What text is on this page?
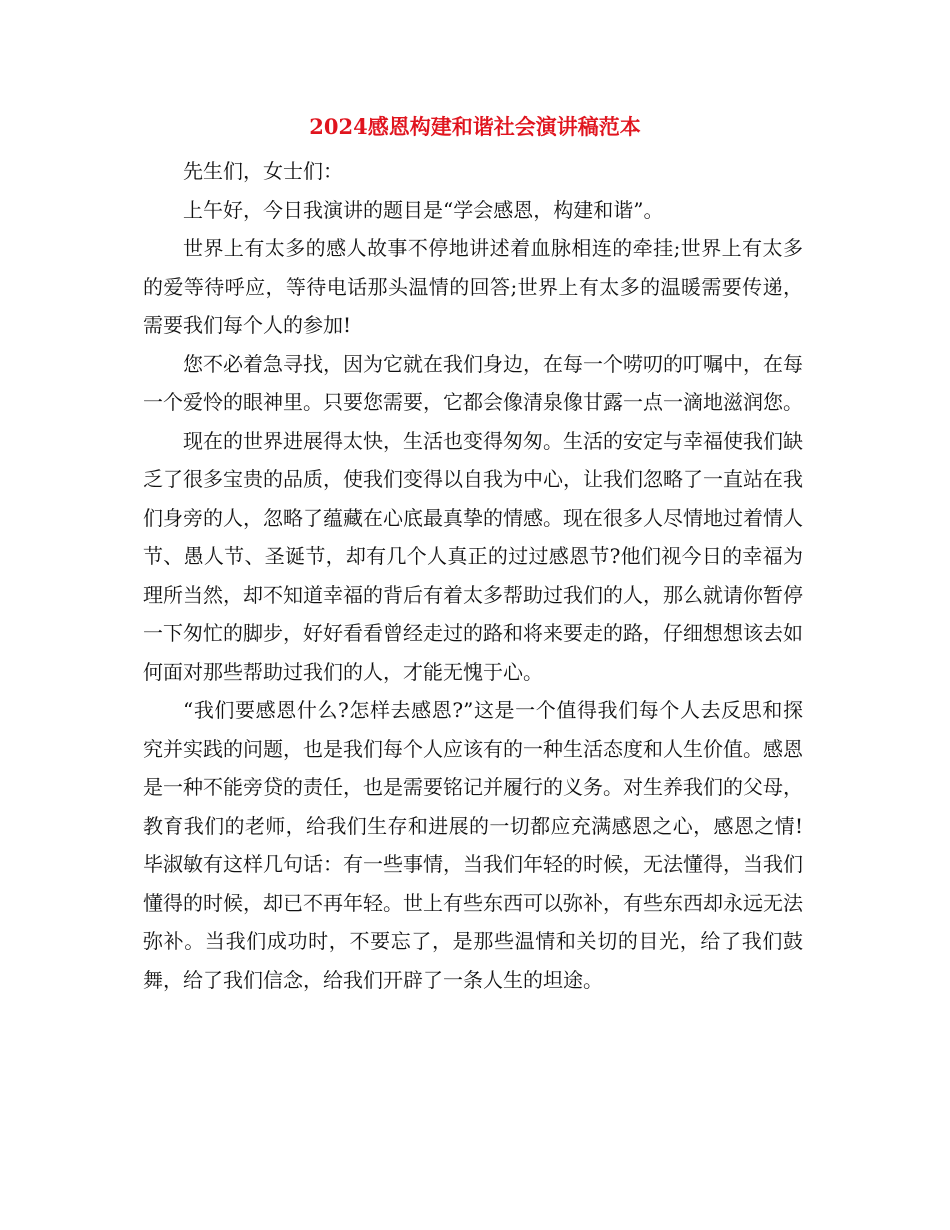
2024感恩构建和谐社会演讲稿范本

先生们，女士们：

上午好，今日我演讲的题目是“学会感恩，构建和谐”。

世界上有太多的感人故事不停地讲述着血脉相连的牵挂;世界上有太多的爱等待呼应，等待电话那头温情的回答;世界上有太多的温暖需要传递，需要我们每个人的参加!

您不必着急寻找，因为它就在我们身边，在每一个唠叨的叮嘱中，在每一个爱怜的眼神里。只要您需要，它都会像清泉像甘露一点一滴地滋润您。

现在的世界进展得太快，生活也变得匆匆。生活的安定与幸福使我们缺乏了很多宝贵的品质，使我们变得以自我为中心，让我们忽略了一直站在我们身旁的人，忽略了蕴藏在心底最真挚的情感。现在很多人尽情地过着情人节、愚人节、圣诞节，却有几个人真正的过过感恩节?他们视今日的幸福为理所当然，却不知道幸福的背后有着太多帮助过我们的人，那么就请你暂停一下匆忙的脚步，好好看看曾经走过的路和将来要走的路，仔细想想该去如何面对那些帮助过我们的人，才能无愧于心。

“我们要感恩什么?怎样去感恩?”这是一个值得我们每个人去反思和探究并实践的问题，也是我们每个人应该有的一种生活态度和人生价值。感恩是一种不能旁贷的责任，也是需要铭记并履行的义务。对生养我们的父母，教育我们的老师，给我们生存和进展的一切都应充满感恩之心，感恩之情!毕淑敏有这样几句话：有一些事情，当我们年轻的时候，无法懂得，当我们懂得的时候，却已不再年轻。世上有些东西可以弥补，有些东西却永远无法弥补。当我们成功时，不要忘了，是那些温情和关切的目光，给了我们鼓舞，给了我们信念，给我们开辟了一条人生的坦途。
